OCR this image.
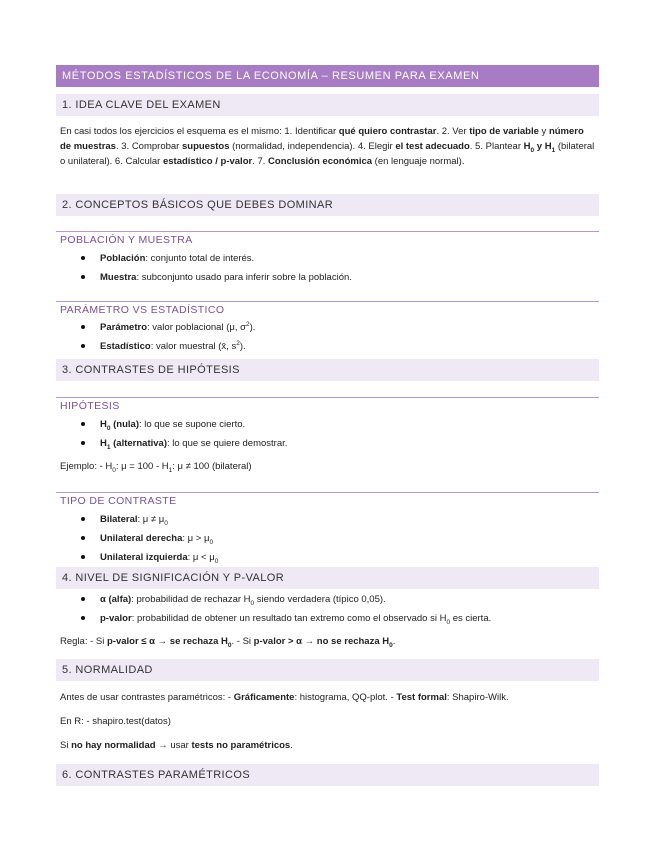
MÉTODOS ESTADÍSTICOS DE LA ECONOMÍA – RESUMEN PARA EXAMEN
1. IDEA CLAVE DEL EXAMEN
En casi todos los ejercicios el esquema es el mismo: 1. Identificar qué quiero contrastar. 2. Ver tipo de variable y número de muestras. 3. Comprobar supuestos (normalidad, independencia). 4. Elegir el test adecuado. 5. Plantear $H_0$ y $H_1$ (bilateral o unilateral). 6. Calcular estadístico / p-valor. 7. Conclusión económica (en lenguaje normal).
2. CONCEPTOS BÁSICOS QUE DEBES DOMINAR
POBLACIÓN Y MUESTRA
Población: conjunto total de interés.
Muestra: subconjunto usado para inferir sobre la población.
PARÁMETRO VS ESTADÍSTICO
Parámetro: valor poblacional (μ, $\sigma^2$).
Estadístico: valor muestral (x̄, $s^2$).
3. CONTRASTES DE HIPÓTESIS
HIPÓTESIS
$H_0$ (nula): lo que se supone cierto.
$H_1$ (alternativa): lo que se quiere demostrar.
Ejemplo: - $H_0$: $\mu = 100 - H_1$: μ ≠ 100 (bilateral)
TIPO DE CONTRASTE
Bilateral: $\mu \ne \mu_0$
Unilateral derecha: $\mu > \mu_0$
Unilateral izquierda: $\mu < \mu_0$
4. NIVEL DE SIGNIFICACIÓN Y P-VALOR
α (alfa): probabilidad de rechazar $H_0$ siendo verdadera (típico 0,05).
p-valor: probabilidad de obtener un resultado tan extremo como el observado si $H_0$ es cierta.
Regla: - Si p-valor ≤ α → se rechaza $H_0$. - Si p-valor > α → no se rechaza $H_0$.
5. NORMALIDAD
Antes de usar contrastes paramétricos: - Gráficamente: histograma, QQ-plot. - Test formal: Shapiro-Wilk.
En R: - shapiro.test(datos)
Si no hay normalidad → usar tests no paramétricos.
6. CONTRASTES PARAMÉTRICOS
